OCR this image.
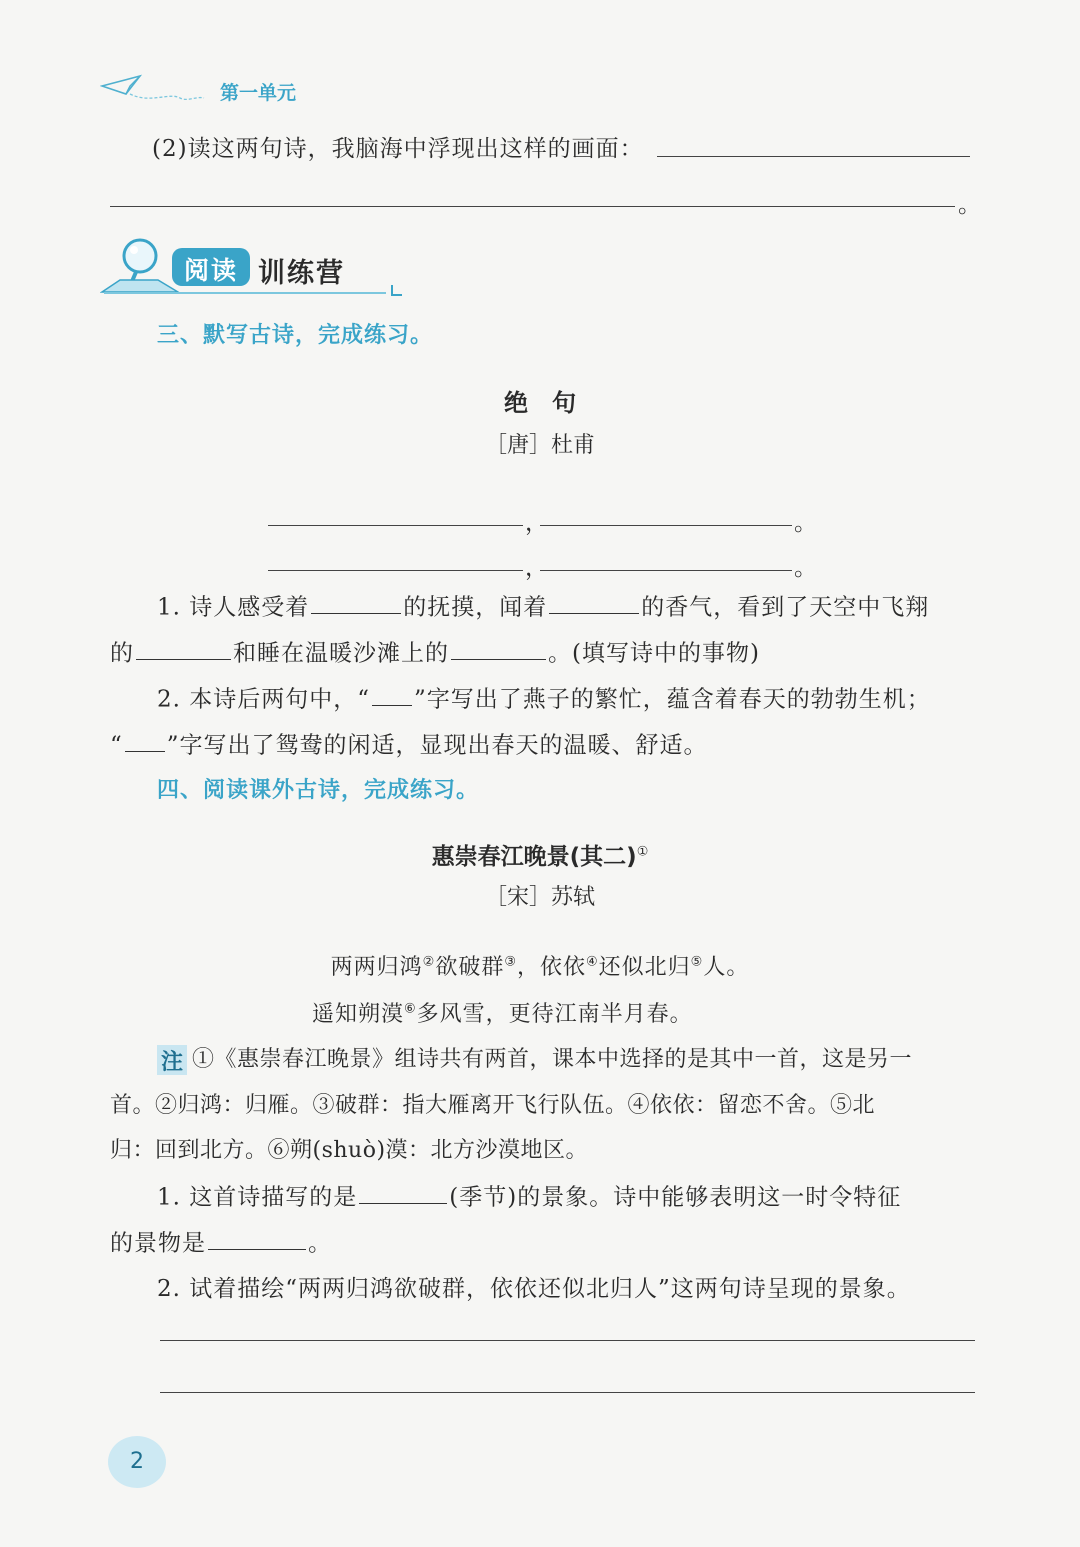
第一单元
(2)读这两句诗，我脑海中浮现出这样的画面：
。
阅读 训练营
三、默写古诗，完成练习。
绝　句
［唐］杜甫
，	。
，	。
1. 诗人感受着	的抚摸，闻着	的香气，看到了天空中飞翔
的	和睡在温暖沙滩上的	。(填写诗中的事物)
2. 本诗后两句中，“ ”字写出了燕子的繁忙，蕴含着春天的勃勃生机；
“ ”字写出了鸳鸯的闲适，显现出春天的温暖、舒适。
四、阅读课外古诗，完成练习。
惠崇春江晚景(其二)①
［宋］苏轼
两两归鸿②欲破群③，依依④还似北归⑤人。
遥知朔漠⑥多风雪，更待江南半月春。
注 ①《惠崇春江晚景》组诗共有两首，课本中选择的是其中一首，这是另一
首。②归鸿：归雁。③破群：指大雁离开飞行队伍。④依依：留恋不舍。⑤北
归：回到北方。⑥朔(shuò)漠：北方沙漠地区。
1. 这首诗描写的是	(季节)的景象。诗中能够表明这一时令特征
的景物是	。
2. 试着描绘“两两归鸿欲破群，依依还似北归人”这两句诗呈现的景象。
2
